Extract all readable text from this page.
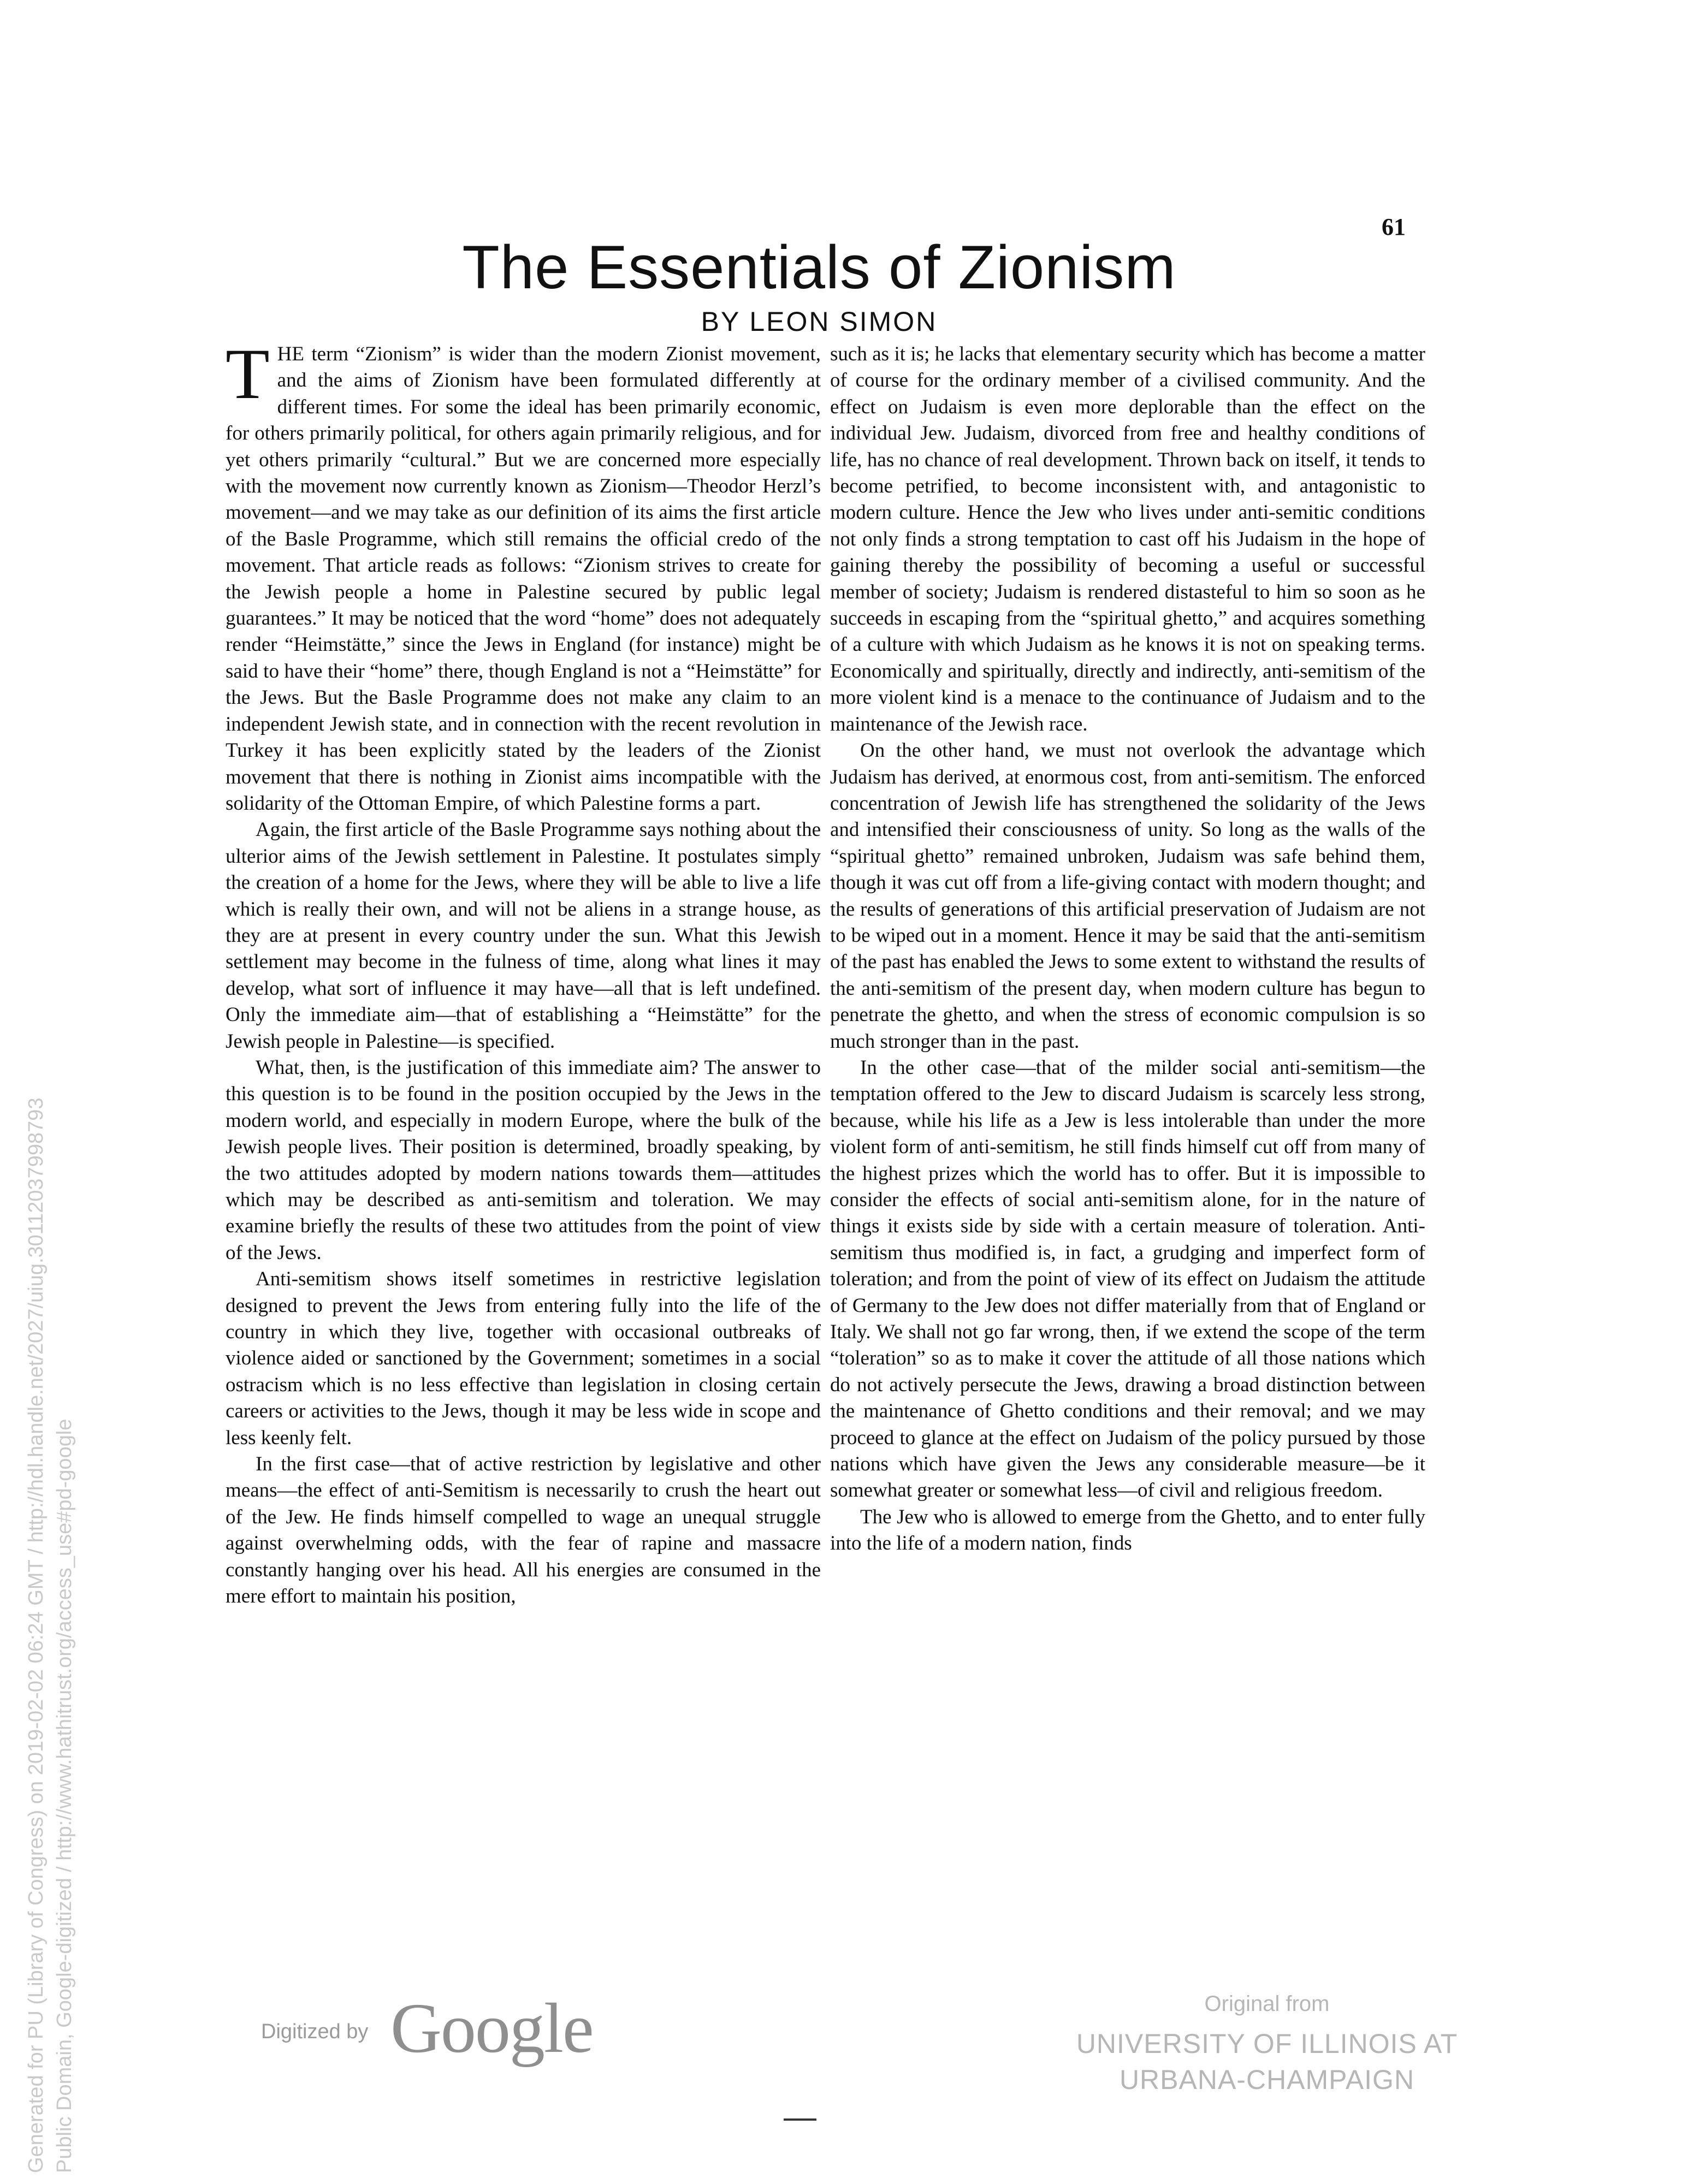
61
The Essentials of Zionism
BY LEON SIMON

THE term “Zionism” is wider than the modern Zionist movement, and the aims of Zionism have been formulated differently at different times. For some the ideal has been primarily economic, for others primarily political, for others again primarily religious, and for yet others primarily “cultural.” But we are concerned more especially with the movement now currently known as Zionism—Theodor Herzl’s movement—and we may take as our definition of its aims the first article of the Basle Programme, which still remains the official credo of the movement. That article reads as follows: “Zionism strives to create for the Jewish people a home in Palestine secured by public legal guarantees.” It may be noticed that the word “home” does not adequately render “Heimstätte,” since the Jews in England (for instance) might be said to have their “home” there, though England is not a “Heimstätte” for the Jews. But the Basle Programme does not make any claim to an independent Jewish state, and in connection with the recent revolution in Turkey it has been explicitly stated by the leaders of the Zionist movement that there is nothing in Zionist aims incompatible with the solidarity of the Ottoman Empire, of which Palestine forms a part.

Again, the first article of the Basle Programme says nothing about the ulterior aims of the Jewish settlement in Palestine. It postulates simply the creation of a home for the Jews, where they will be able to live a life which is really their own, and will not be aliens in a strange house, as they are at present in every country under the sun. What this Jewish settlement may become in the fulness of time, along what lines it may develop, what sort of influence it may have—all that is left undefined. Only the immediate aim—that of establishing a “Heimstätte” for the Jewish people in Palestine—is specified.

What, then, is the justification of this immediate aim? The answer to this question is to be found in the position occupied by the Jews in the modern world, and especially in modern Europe, where the bulk of the Jewish people lives. Their position is determined, broadly speaking, by the two attitudes adopted by modern nations towards them—attitudes which may be described as anti-semitism and toleration. We may examine briefly the results of these two attitudes from the point of view of the Jews.

Anti-semitism shows itself sometimes in restrictive legislation designed to prevent the Jews from entering fully into the life of the country in which they live, together with occasional outbreaks of violence aided or sanctioned by the Government; sometimes in a social ostracism which is no less effective than legislation in closing certain careers or activities to the Jews, though it may be less wide in scope and less keenly felt.

In the first case—that of active restriction by legislative and other means—the effect of anti-Semitism is necessarily to crush the heart out of the Jew. He finds himself compelled to wage an unequal struggle against overwhelming odds, with the fear of rapine and massacre constantly hanging over his head. All his energies are consumed in the mere effort to maintain his position,

such as it is; he lacks that elementary security which has become a matter of course for the ordinary member of a civilised community. And the effect on Judaism is even more deplorable than the effect on the individual Jew. Judaism, divorced from free and healthy conditions of life, has no chance of real development. Thrown back on itself, it tends to become petrified, to become inconsistent with, and antagonistic to modern culture. Hence the Jew who lives under anti-semitic conditions not only finds a strong temptation to cast off his Judaism in the hope of gaining thereby the possibility of becoming a useful or successful member of society; Judaism is rendered distasteful to him so soon as he succeeds in escaping from the “spiritual ghetto,” and acquires something of a culture with which Judaism as he knows it is not on speaking terms. Economically and spiritually, directly and indirectly, anti-semitism of the more violent kind is a menace to the continuance of Judaism and to the maintenance of the Jewish race.

On the other hand, we must not overlook the advantage which Judaism has derived, at enormous cost, from anti-semitism. The enforced concentration of Jewish life has strengthened the solidarity of the Jews and intensified their consciousness of unity. So long as the walls of the “spiritual ghetto” remained unbroken, Judaism was safe behind them, though it was cut off from a life-giving contact with modern thought; and the results of generations of this artificial preservation of Judaism are not to be wiped out in a moment. Hence it may be said that the anti-semitism of the past has enabled the Jews to some extent to withstand the results of the anti-semitism of the present day, when modern culture has begun to penetrate the ghetto, and when the stress of economic compulsion is so much stronger than in the past.

In the other case—that of the milder social anti-semitism—the temptation offered to the Jew to discard Judaism is scarcely less strong, because, while his life as a Jew is less intolerable than under the more violent form of anti-semitism, he still finds himself cut off from many of the highest prizes which the world has to offer. But it is impossible to consider the effects of social anti-semitism alone, for in the nature of things it exists side by side with a certain measure of toleration. Anti-semitism thus modified is, in fact, a grudging and imperfect form of toleration; and from the point of view of its effect on Judaism the attitude of Germany to the Jew does not differ materially from that of England or Italy. We shall not go far wrong, then, if we extend the scope of the term “toleration” so as to make it cover the attitude of all those nations which do not actively persecute the Jews, drawing a broad distinction between the maintenance of Ghetto conditions and their removal; and we may proceed to glance at the effect on Judaism of the policy pursued by those nations which have given the Jews any considerable measure—be it somewhat greater or somewhat less—of civil and religious freedom.

The Jew who is allowed to emerge from the Ghetto, and to enter fully into the life of a modern nation, finds

Generated for PU (Library of Congress) on 2019-02-02 06:24 GMT / http://hdl.handle.net/2027/uiug.30112037998793 Public Domain, Google-digitized / http://www.hathitrust.org/access_use#pd-google	Digitized by Google	Original from
UNIVERSITY OF ILLINOIS AT
URBANA-CHAMPAIGN
